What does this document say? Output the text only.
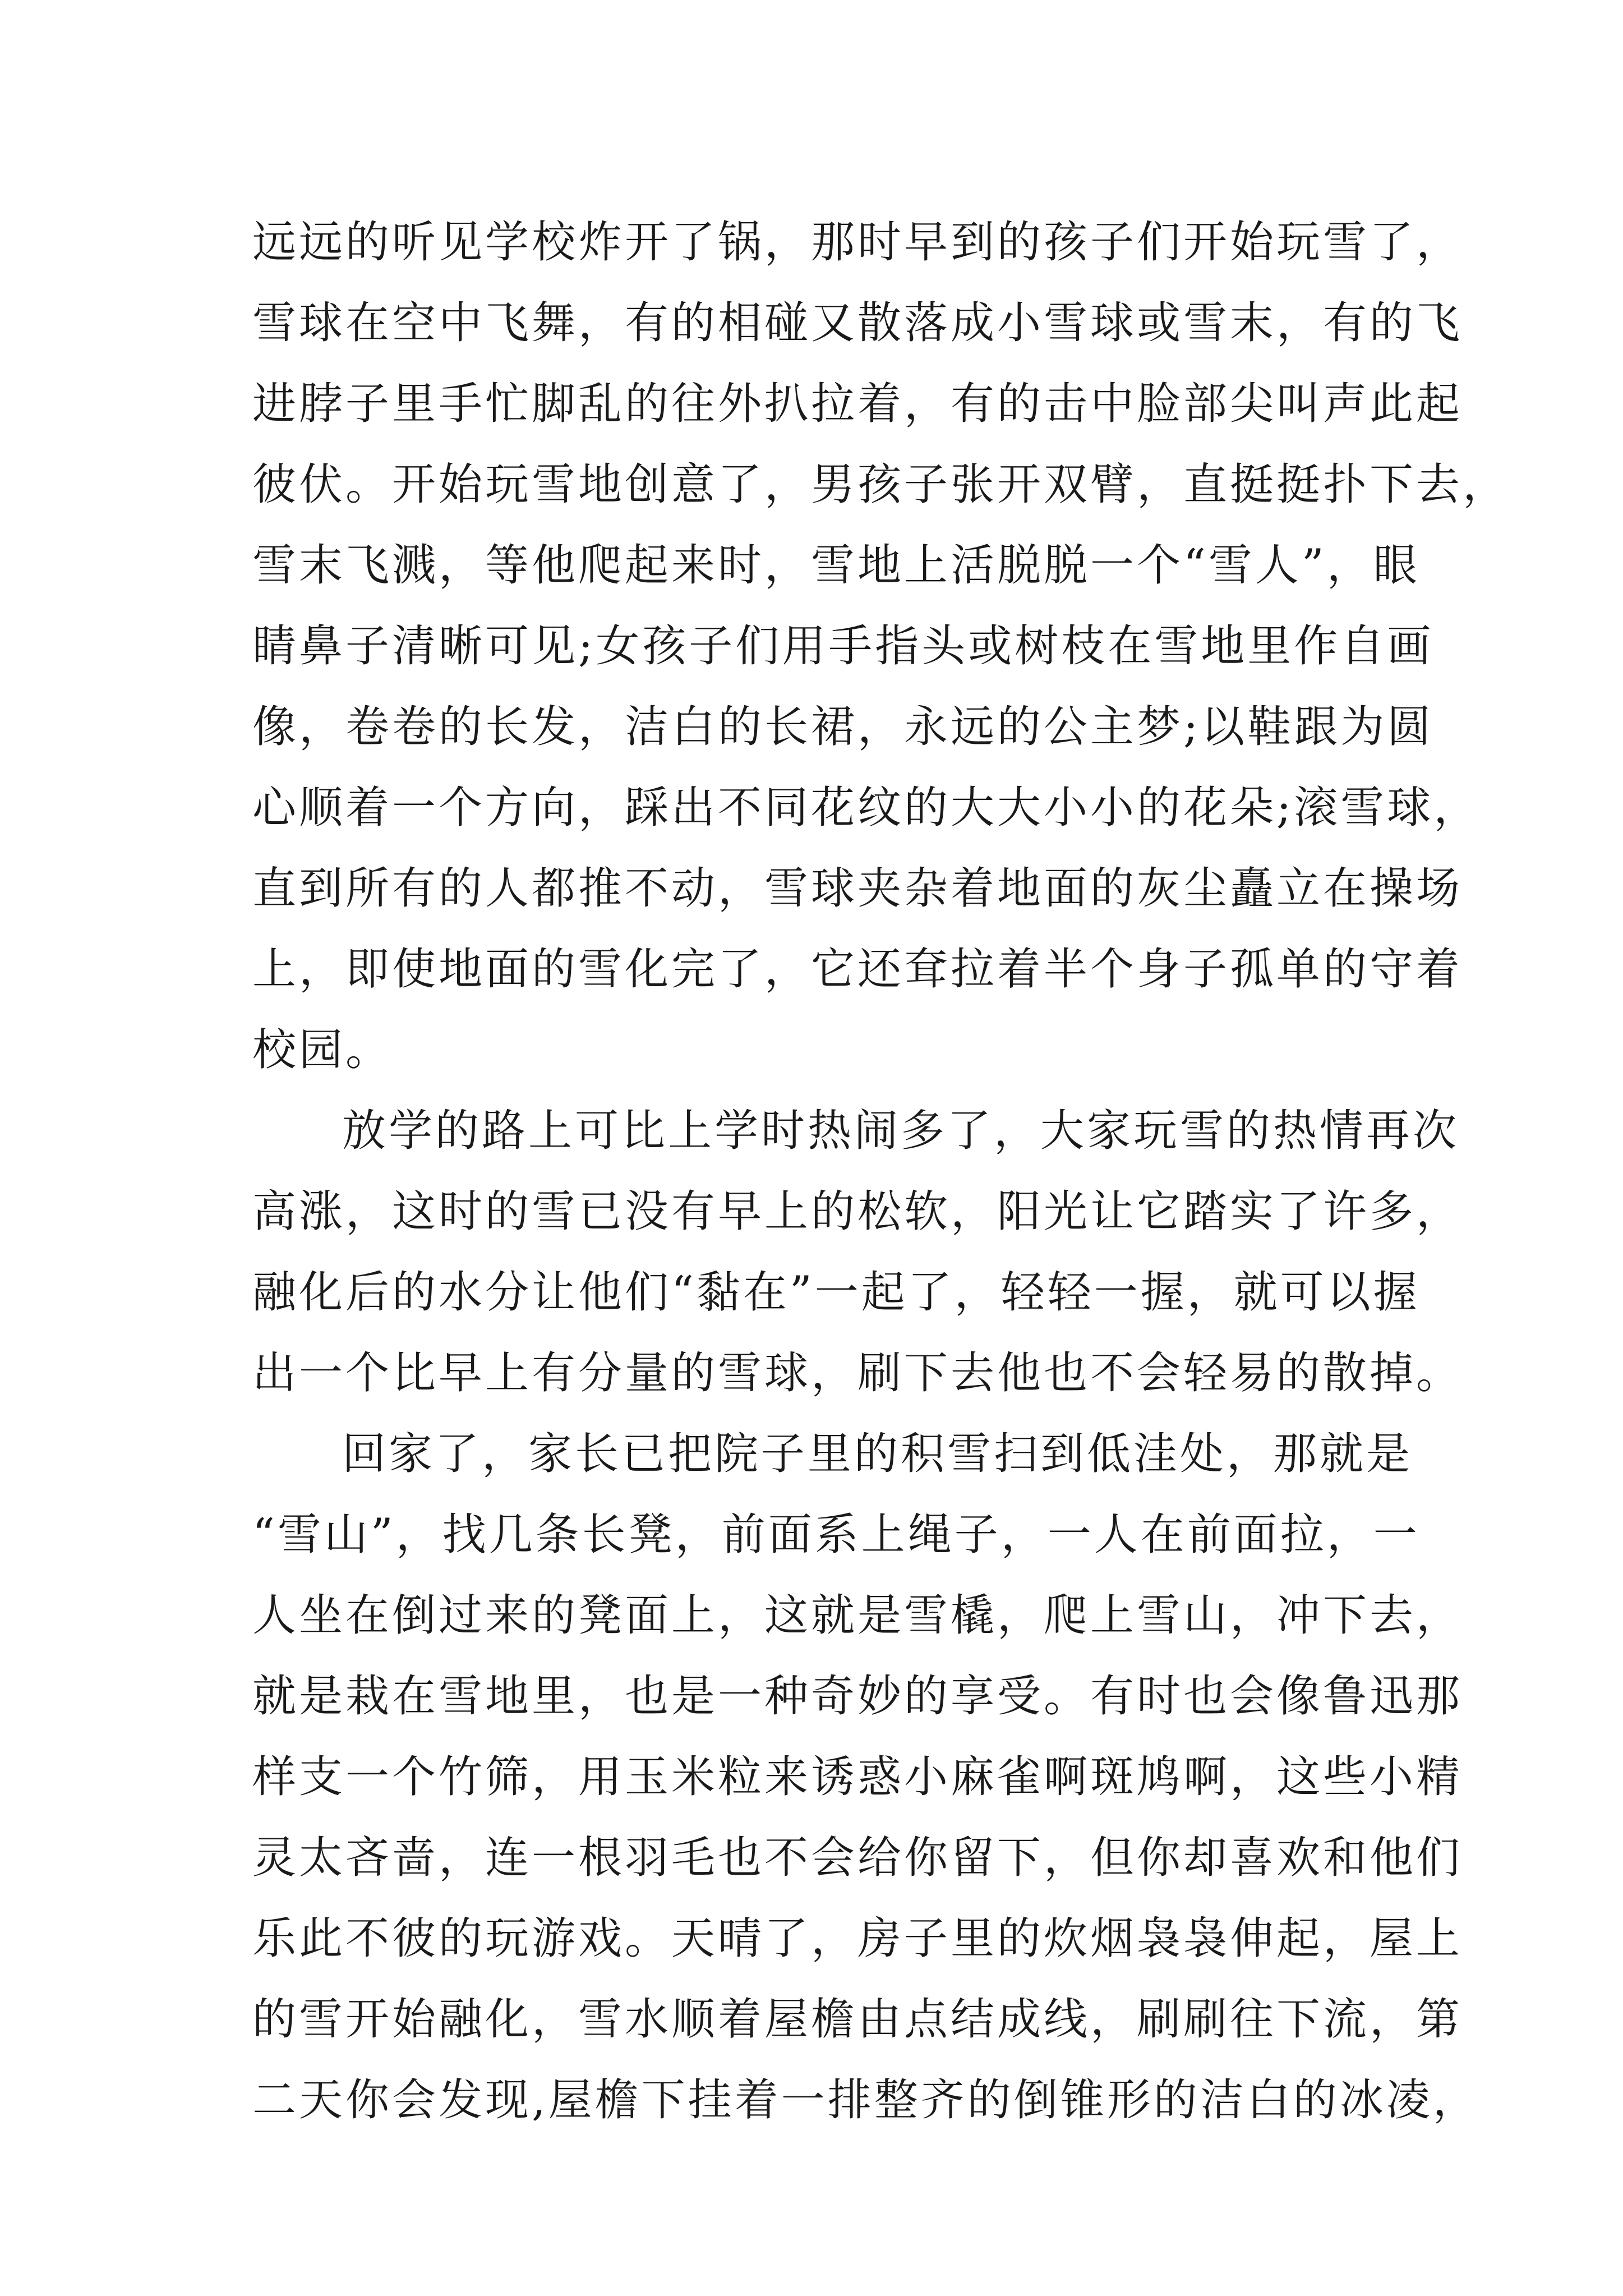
远远的听见学校炸开了锅，那时早到的孩子们开始玩雪了，
雪球在空中飞舞，有的相碰又散落成小雪球或雪末，有的飞
进脖子里手忙脚乱的往外扒拉着，有的击中脸部尖叫声此起
彼伏。开始玩雪地创意了，男孩子张开双臂，直挺挺扑下去，
雪末飞溅，等他爬起来时，雪地上活脱脱一个“雪人”，眼
睛鼻子清晰可见;女孩子们用手指头或树枝在雪地里作自画
像，卷卷的长发，洁白的长裙，永远的公主梦;以鞋跟为圆
心顺着一个方向，踩出不同花纹的大大小小的花朵;滚雪球，
直到所有的人都推不动，雪球夹杂着地面的灰尘矗立在操场
上，即使地面的雪化完了，它还耷拉着半个身子孤单的守着
校园。
放学的路上可比上学时热闹多了，大家玩雪的热情再次
高涨，这时的雪已没有早上的松软，阳光让它踏实了许多，
融化后的水分让他们“黏在”一起了，轻轻一握，就可以握
出一个比早上有分量的雪球，刷下去他也不会轻易的散掉。
回家了，家长已把院子里的积雪扫到低洼处，那就是
“雪山”，找几条长凳，前面系上绳子，一人在前面拉，一
人坐在倒过来的凳面上，这就是雪橇，爬上雪山，冲下去，
就是栽在雪地里，也是一种奇妙的享受。有时也会像鲁迅那
样支一个竹筛，用玉米粒来诱惑小麻雀啊斑鸠啊，这些小精
灵太吝啬，连一根羽毛也不会给你留下，但你却喜欢和他们
乐此不彼的玩游戏。天晴了，房子里的炊烟袅袅伸起，屋上
的雪开始融化，雪水顺着屋檐由点结成线，刷刷往下流，第
二天你会发现,屋檐下挂着一排整齐的倒锥形的洁白的冰凌，
